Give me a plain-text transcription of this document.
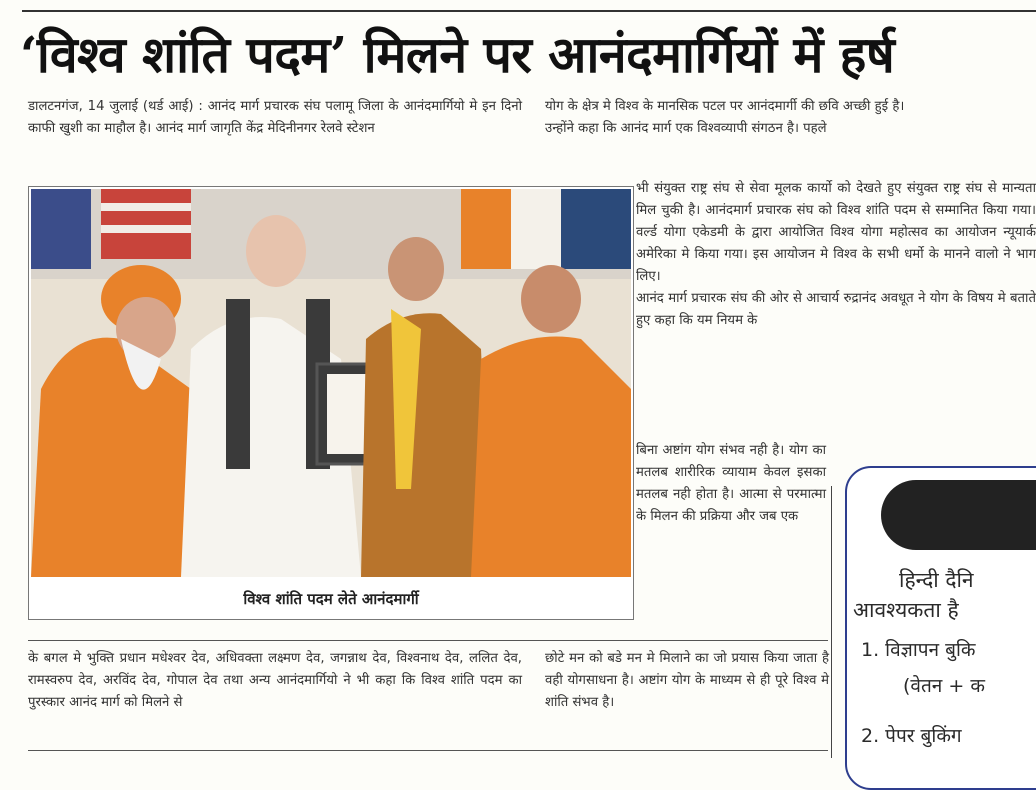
‘विश्व शांति पदम’ मिलने पर आनंदमार्गियों में हर्ष

डालटनगंज, 14 जुलाई (थर्ड आई) : आनंद मार्ग प्रचारक संघ पलामू जिला के आनंदमार्गियो मे इन दिनो काफी खुशी का माहौल है। आनंद मार्ग जागृति केंद्र मेदिनीनगर रेलवे स्टेशन

योग के क्षेत्र मे विश्व के मानसिक पटल पर आनंदमार्गी की छवि अच्छी हुई है।

उन्होंने कहा कि आनंद मार्ग एक विश्वव्यापी संगठन है। पहले

भी संयुक्त राष्ट्र संघ से सेवा मूलक कार्यो को देखते हुए संयुक्त राष्ट्र संघ से मान्यता मिल चुकी है। आनंदमार्ग प्रचारक संघ को विश्व शांति पदम से सम्मानित किया गया। वर्ल्ड योगा एकेडमी के द्वारा आयोजित विश्व योगा महोत्सव का आयोजन न्यूयार्क अमेरिका मे किया गया। इस आयोजन मे विश्व के सभी धर्मो के मानने वालो ने भाग लिए।

आनंद मार्ग प्रचारक संघ की ओर से आचार्य रुद्रानंद अवधूत ने योग के विषय मे बताते हुए कहा कि यम नियम के

बिना अष्टांग योग संभव नही है। योग का मतलब शारीरिक व्यायाम केवल इसका मतलब नही होता है। आत्मा से परमात्मा के मिलन की प्रक्रिया और जब एक

विश्व शांति पदम लेते आनंदमार्गी

के बगल मे भुक्ति प्रधान मधेश्वर देव, अधिवक्ता लक्ष्मण देव, जगन्नाथ देव, विश्वनाथ देव, ललित देव, रामस्वरुप देव, अरविंद देव, गोपाल देव तथा अन्य आनंदमार्गियो ने भी कहा कि विश्व शांति पदम का पुरस्कार आनंद मार्ग को मिलने से

छोटे मन को बडे मन मे मिलाने का जो प्रयास किया जाता है वही योगसाधना है। अष्टांग योग के माध्यम से ही पूरे विश्व मे शांति संभव है।

हिन्दी दैनि
आवश्यकता है
1. विज्ञापन बुकि
(वेतन + क
2. पेपर बुकिंग
